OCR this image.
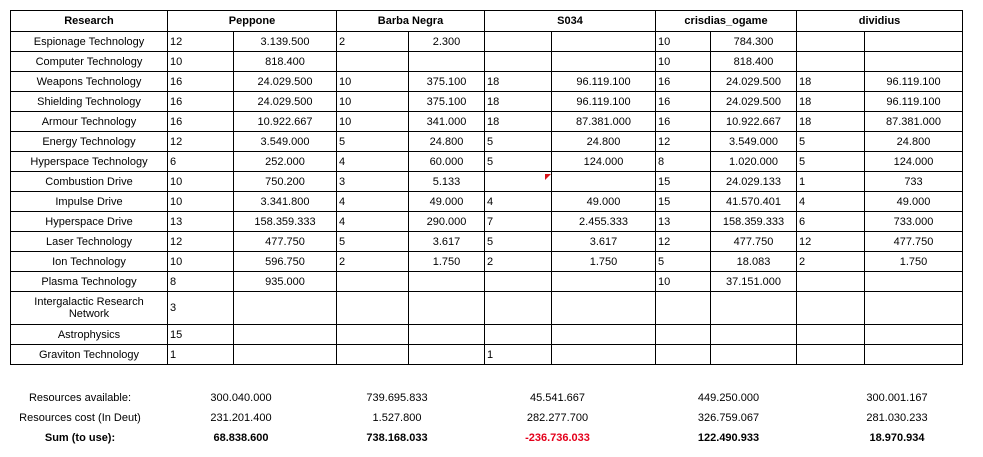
Research	Peppone		Barba Negra		S034		crisdias_ogame		dividius	
Espionage Technology	12	3.139.500	2	2.300			10	784.300		
Computer Technology	10	818.400					10	818.400		
Weapons Technology	16	24.029.500	10	375.100	18	96.119.100	16	24.029.500	18	96.119.100
Shielding Technology	16	24.029.500	10	375.100	18	96.119.100	16	24.029.500	18	96.119.100
Armour Technology	16	10.922.667	10	341.000	18	87.381.000	16	10.922.667	18	87.381.000
Energy Technology	12	3.549.000	5	24.800	5	24.800	12	3.549.000	5	24.800
Hyperspace Technology	6	252.000	4	60.000	5	124.000	8	1.020.000	5	124.000
Combustion Drive	10	750.200	3	5.133			15	24.029.133	1	733
Impulse Drive	10	3.341.800	4	49.000	4	49.000	15	41.570.401	4	49.000
Hyperspace Drive	13	158.359.333	4	290.000	7	2.455.333	13	158.359.333	6	733.000
Laser Technology	12	477.750	5	3.617	5	3.617	12	477.750	12	477.750
Ion Technology	10	596.750	2	1.750	2	1.750	5	18.083	2	1.750
Plasma Technology	8	935.000					10	37.151.000		
Intergalactic Research Network	3									
Astrophysics	15									
Graviton Technology	1				1					
Resources available:	300.040.000	739.695.833	45.541.667	449.250.000	300.001.167
Resources cost (In Deut)	231.201.400	1.527.800	282.277.700	326.759.067	281.030.233
Sum (to use):	68.838.600	738.168.033	-236.736.033	122.490.933	18.970.934
